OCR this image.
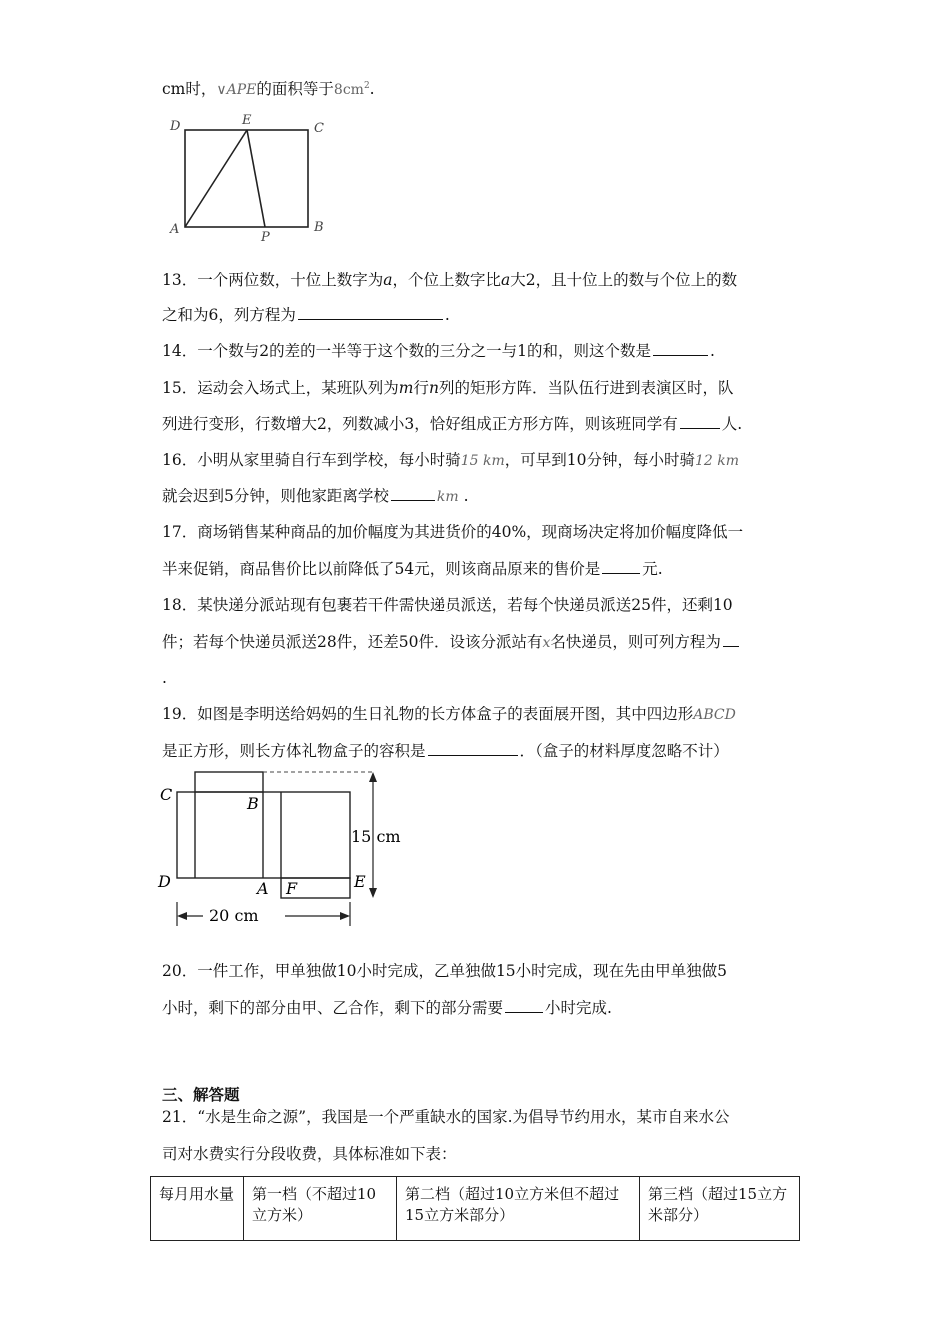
cm时，∨APE的面积等于$8cm^2$.
D	E
C
A
P
B
13．一个两位数，十位上数字为a，个位上数字比a大2，且十位上的数与个位上的数
之和为6，列方程为	.
14．一个数与2的差的一半等于这个数的三分之一与1的和，则这个数是	.
15．运动会入场式上，某班队列为m行n列的矩形方阵．当队伍行进到表演区时，队
列进行变形，行数增大2，列数减小3，恰好组成正方形方阵，则该班同学有	人.
16．小明从家里骑自行车到学校，每小时骑15 km，可早到10分钟，每小时骑12 km
就会迟到5分钟，则他家距离学校	km .
17．商场销售某种商品的加价幅度为其进货价的40%，现商场决定将加价幅度降低一
半来促销，商品售价比以前降低了54元，则该商品原来的售价是	元.
18．某快递分派站现有包裹若干件需快递员派送，若每个快递员派送25件，还剩10
件；若每个快递员派送28件，还差50件．设该分派站有x名快递员，则可列方程为
.
19．如图是李明送给妈妈的生日礼物的长方体盒子的表面展开图，其中四边形ABCD
是正方形，则长方体礼物盒子的容积是	．（盒子的材料厚度忽略不计）
C	B
D	A F	E
15 cm
20 cm
20．一件工作，甲单独做10小时完成，乙单独做15小时完成，现在先由甲单独做5
小时，剩下的部分由甲、乙合作，剩下的部分需要	小时完成.
三、解答题
21．“水是生命之源”，我国是一个严重缺水的国家.为倡导节约用水，某市自来水公
司对水费实行分段收费，具体标准如下表：
每月用水量	第一档（不超过10立方米）	第二档（超过10立方米但不超过15立方米部分）	第三档（超过15立方米部分）
